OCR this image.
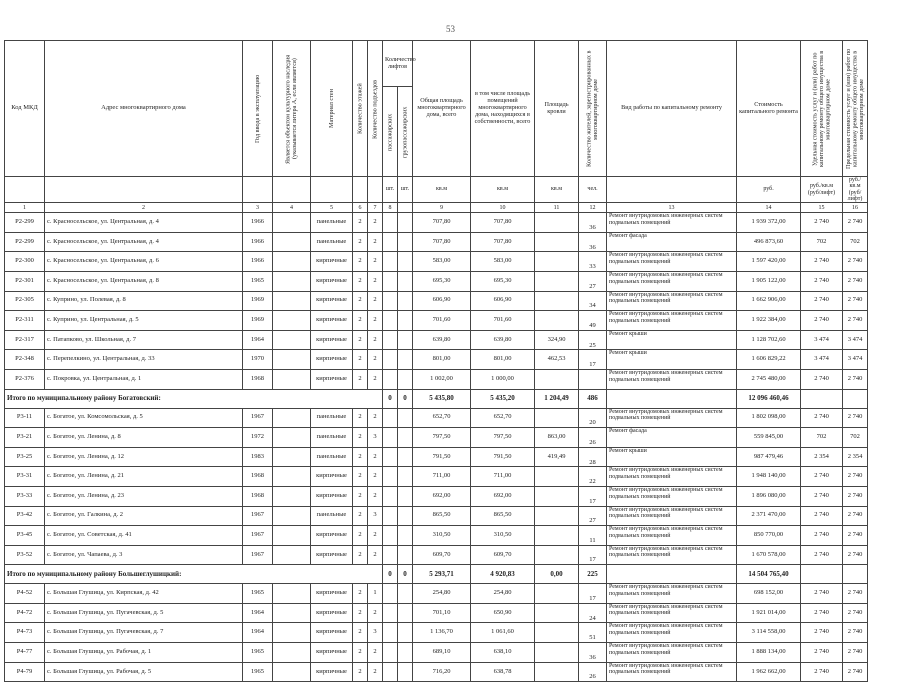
53
Код МКД	Адрес многоквартирного дома	Год ввода в эксплуатацию	Является объектом культурного наследия (указывается литера А, если является)	Материал стен	Количество этажей	Количество подъездов	Количество лифтов		Общая площадь многоквартирного дома, всего	в том числе площадь помещений многоквартирного дома, находящихся в собственности, всего	Площадь кровли	Количество жителей, зарегистрированных в многоквартирном доме	Вид работы по капитальному ремонту	Стоимость капитального ремонта	Удельная стоимость услуг и (или) работ по капитальному ремонту общего имущества в многоквартирном доме	Предельная стоимость услуг и (или) работ по капитальному ремонту общего имущества в многоквартирном доме
							пассажирских	грузопассажирских								
							шт.	шт.	кв.м	кв.м	кв.м	чел.		руб.	руб./кв.м (руб/лифт)	руб./кв.м (руб/лифт)
1	2	3	4	5	6	7	8		9	10	11	12	13	14	15	16
Р2-299	с. Красносельское, ул. Центральная, д. 4	1966		панельные	2	2			707,80	707,80		36	Ремонт внутридомовых инженерных систем подвальных помещений	1 939 372,00	2 740	2 740
Р2-299	с. Красносельское, ул. Центральная, д. 4	1966		панельные	2	2			707,80	707,80		36	Ремонт фасада	496 873,60	702	702
Р2-300	с. Красносельское, ул. Центральная, д. 6	1966		кирпичные	2	2			583,00	583,00		33	Ремонт внутридомовых инженерных систем подвальных помещений	1 597 420,00	2 740	2 740
Р2-301	с. Красносельское, ул. Центральная, д. 8	1965		кирпичные	2	2			695,30	695,30		27	Ремонт внутридомовых инженерных систем подвальных помещений	1 905 122,00	2 740	2 740
Р2-305	с. Куприно, ул. Полевая, д. 8	1969		кирпичные	2	2			606,90	606,90		34	Ремонт внутридомовых инженерных систем подвальных помещений	1 662 906,00	2 740	2 740
Р2-311	с. Куприно, ул. Центральная, д. 5	1969		кирпичные	2	2			701,60	701,60		49	Ремонт внутридомовых инженерных систем подвальных помещений	1 922 384,00	2 740	2 740
Р2-317	с. Патапково, ул. Школьная, д. 7	1964		кирпичные	2	2			639,80	639,80	324,90	25	Ремонт крыши	1 128 702,60	3 474	3 474
Р2-348	с. Перепелкино, ул. Центральная, д. 33	1970		кирпичные	2	2			801,00	801,00	462,53	17	Ремонт крыши	1 606 829,22	3 474	3 474
Р2-376	с. Покровка, ул. Центральная, д. 1	1968		кирпичные	2	2			1 002,00	1 000,00			Ремонт внутридомовых инженерных систем подвальных помещений	2 745 480,00	2 740	2 740
Итого по муниципальному району Богатовский:							0	0	5 435,80	5 435,20	1 204,49	486		12 096 460,46		
Р3-11	с. Богатое, ул. Комсомольская, д. 5	1967		панельные	2	2			652,70	652,70		20	Ремонт внутридомовых инженерных систем подвальных помещений	1 802 098,00	2 740	2 740
Р3-21	с. Богатое, ул. Ленина, д. 8	1972		панельные	2	3			797,50	797,50	863,00	26	Ремонт фасада	559 845,00	702	702
Р3-25	с. Богатое, ул. Ленина, д. 12	1983		панельные	2	2			791,50	791,50	419,49	28	Ремонт крыши	987 479,46	2 354	2 354
Р3-31	с. Богатое, ул. Ленина, д. 21	1968		кирпичные	2	2			711,00	711,00		22	Ремонт внутридомовых инженерных систем подвальных помещений	1 948 140,00	2 740	2 740
Р3-33	с. Богатое, ул. Ленина, д. 23	1968		кирпичные	2	2			692,00	692,00		17	Ремонт внутридомовых инженерных систем подвальных помещений	1 896 080,00	2 740	2 740
Р3-42	с. Богатое, ул. Галкина, д. 2	1967		панельные	2	3			865,50	865,50		27	Ремонт внутридомовых инженерных систем подвальных помещений	2 371 470,00	2 740	2 740
Р3-45	с. Богатое, ул. Советская, д. 41	1967		кирпичные	2	2			310,50	310,50		11	Ремонт внутридомовых инженерных систем подвальных помещений	850 770,00	2 740	2 740
Р3-52	с. Богатое, ул. Чапаева, д. 3	1967		кирпичные	2	2			609,70	609,70		17	Ремонт внутридомовых инженерных систем подвальных помещений	1 670 578,00	2 740	2 740
Итого по муниципальному району Большеглушицкий:							0	0	5 293,71	4 920,83	0,00	225		14 504 765,40		
Р4-52	с. Большая Глушица, ул. Кирпская, д. 42	1965		кирпичные	2	1			254,80	254,80		17	Ремонт внутридомовых инженерных систем подвальных помещений	698 152,00	2 740	2 740
Р4-72	с. Большая Глушица, ул. Пугачевская, д. 5	1964		кирпичные	2	2			701,10	650,90		24	Ремонт внутридомовых инженерных систем подвальных помещений	1 921 014,00	2 740	2 740
Р4-73	с. Большая Глушица, ул. Пугачевская, д. 7	1964		кирпичные	2	3			1 136,70	1 061,60		51	Ремонт внутридомовых инженерных систем подвальных помещений	3 114 558,00	2 740	2 740
Р4-77	с. Большая Глушица, ул. Рабочая, д. 1	1965		кирпичные	2	2			689,10	638,10		36	Ремонт внутридомовых инженерных систем подвальных помещений	1 888 134,00	2 740	2 740
Р4-79	с. Большая Глушица, ул. Рабочая, д. 5	1965		кирпичные	2	2			716,20	638,78		26	Ремонт внутридомовых инженерных систем подвальных помещений	1 962 662,00	2 740	2 740
